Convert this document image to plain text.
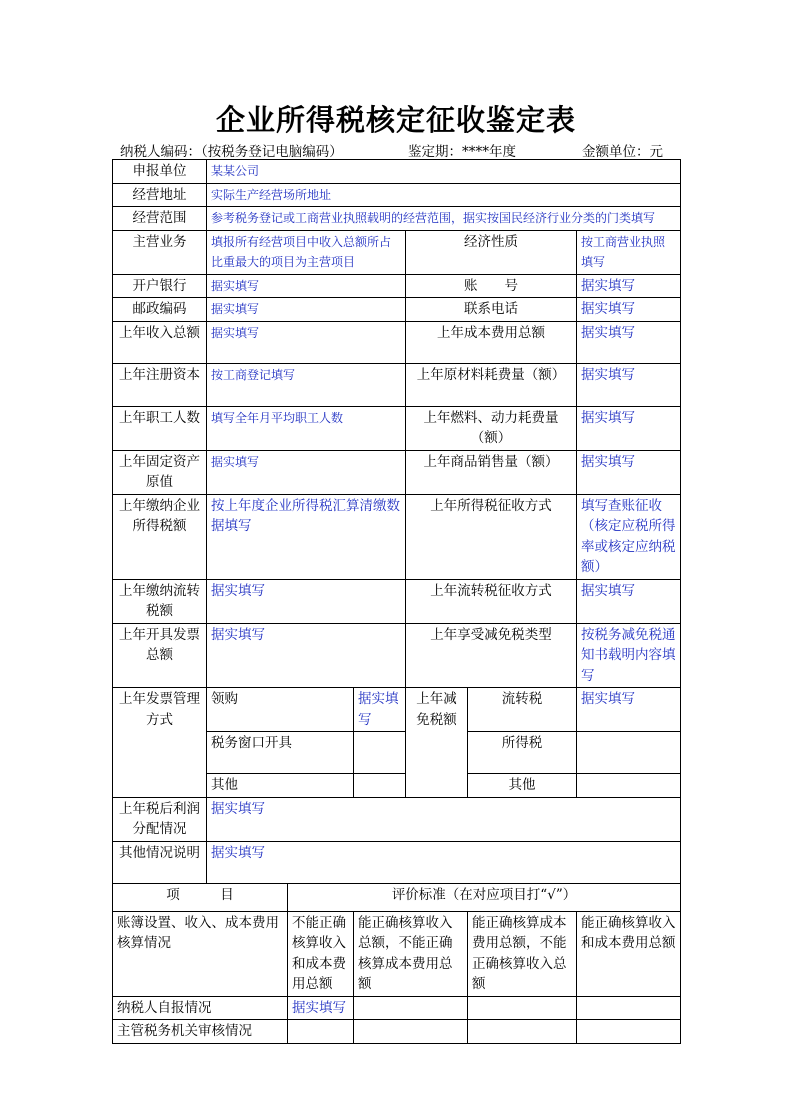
企业所得税核定征收鉴定表
纳税人编码：（按税务登记电脑编码）	鉴定期：****年度	金额单位：元
申报单位	某某公司					
经营地址	实际生产经营场所地址					
经营范围	参考税务登记或工商营业执照载明的经营范围，据实按国民经济行业分类的门类填写					
主营业务	填报所有经营项目中收入总额所占比重最大的项目为主营项目			经济性质		按工商营业执照填写
开户银行	据实填写			账　　号		据实填写
邮政编码	据实填写			联系电话		据实填写
上年收入总额	据实填写			上年成本费用总额		据实填写
上年注册资本	按工商登记填写			上年原材料耗费量（额）		据实填写
上年职工人数	填写全年月平均职工人数			上年燃料、动力耗费量（额）		据实填写
上年固定资产原值	据实填写			上年商品销售量（额）		据实填写
上年缴纳企业所得税额	按上年度企业所得税汇算清缴数据填写			上年所得税征收方式		填写查账征收（核定应税所得率或核定应纳税额）
上年缴纳流转税额	据实填写			上年流转税征收方式		据实填写
上年开具发票总额	据实填写			上年享受减免税类型		按税务减免税通知书载明内容填写
上年发票管理方式	领购		据实填写	上年减免税额	流转税	据实填写
	税务窗口开具				所得税	
	其他				其他	
上年税后利润分配情况	据实填写					
其他情况说明	据实填写					
项　　　目		评价标准（在对应项目打“√”）				
账簿设置、收入、成本费用核算情况		不能正确核算收入和成本费用总额	能正确核算收入总额，不能正确核算成本费用总额		能正确核算成本费用总额，不能正确核算收入总额	能正确核算收入和成本费用总额
纳税人自报情况		据实填写				
主管税务机关审核情况						
